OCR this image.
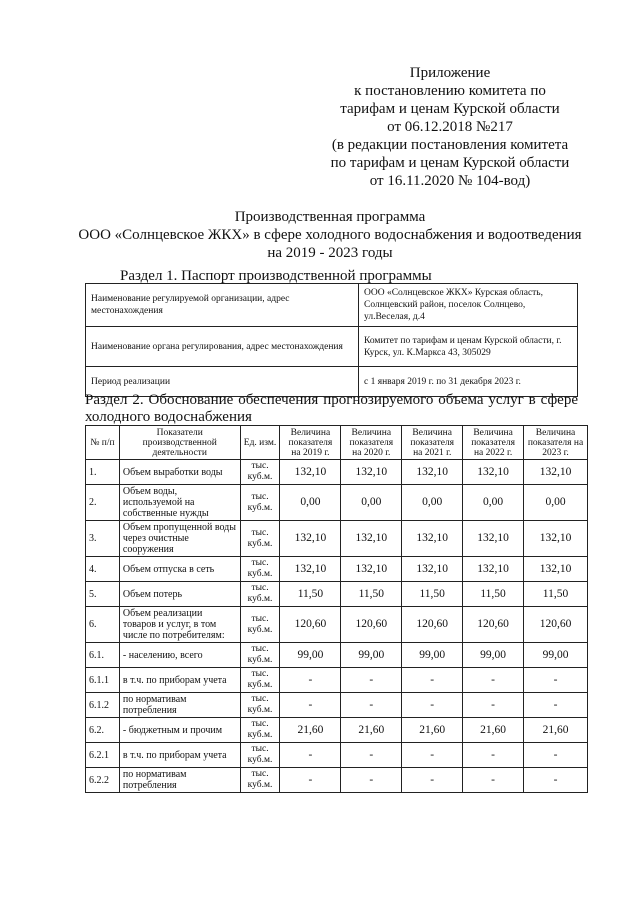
Приложение
к постановлению комитета по
тарифам и ценам Курской области
от 06.12.2018 №217
(в редакции постановления комитета
по тарифам и ценам Курской области
от 16.11.2020 № 104-вод)
Производственная программа
ООО «Солнцевское ЖКХ» в сфере холодного водоснабжения и водоотведения
на 2019 - 2023 годы
Раздел 1. Паспорт производственной программы
Наименование регулируемой организации, адрес местонахождения	ООО «Солнцевское ЖКХ» Курская область, Солнцевский район, поселок Солнцево, ул.Веселая, д.4
Наименование органа регулирования, адрес местонахождения	Комитет по тарифам и ценам Курской области, г. Курск, ул. К.Маркса 43, 305029
Период реализации	с 1 января 2019 г. по 31 декабря 2023 г.
Раздел 2. Обоснование обеспечения прогнозируемого объема услуг в сфере холодного водоснабжения
№ п/п	Показатели производственной деятельности	Ед. изм.	Величина показателя на 2019 г.	Величина показателя на 2020 г.	Величина показателя на 2021 г.	Величина показателя на 2022 г.	Величина показателя на 2023 г.
1.	Объем выработки воды	тыс. куб.м.	132,10	132,10	132,10	132,10	132,10
2.	Объем воды, используемой на собственные нужды	тыс. куб.м.	0,00	0,00	0,00	0,00	0,00
3.	Объем пропущенной воды через очистные сооружения	тыс. куб.м.	132,10	132,10	132,10	132,10	132,10
4.	Объем отпуска в сеть	тыс. куб.м.	132,10	132,10	132,10	132,10	132,10
5.	Объем потерь	тыс. куб.м.	11,50	11,50	11,50	11,50	11,50
6.	Объем реализации товаров и услуг, в том числе по потребителям:	тыс. куб.м.	120,60	120,60	120,60	120,60	120,60
6.1.	- населению, всего	тыс. куб.м.	99,00	99,00	99,00	99,00	99,00
6.1.1	в т.ч. по приборам учета	тыс. куб.м.	-	-	-	-	-
6.1.2	по нормативам потребления	тыс. куб.м.	-	-	-	-	-
6.2.	- бюджетным и прочим	тыс. куб.м.	21,60	21,60	21,60	21,60	21,60
6.2.1	в т.ч. по приборам учета	тыс. куб.м.	-	-	-	-	-
6.2.2	по нормативам потребления	тыс. куб.м.	-	-	-	-	-
